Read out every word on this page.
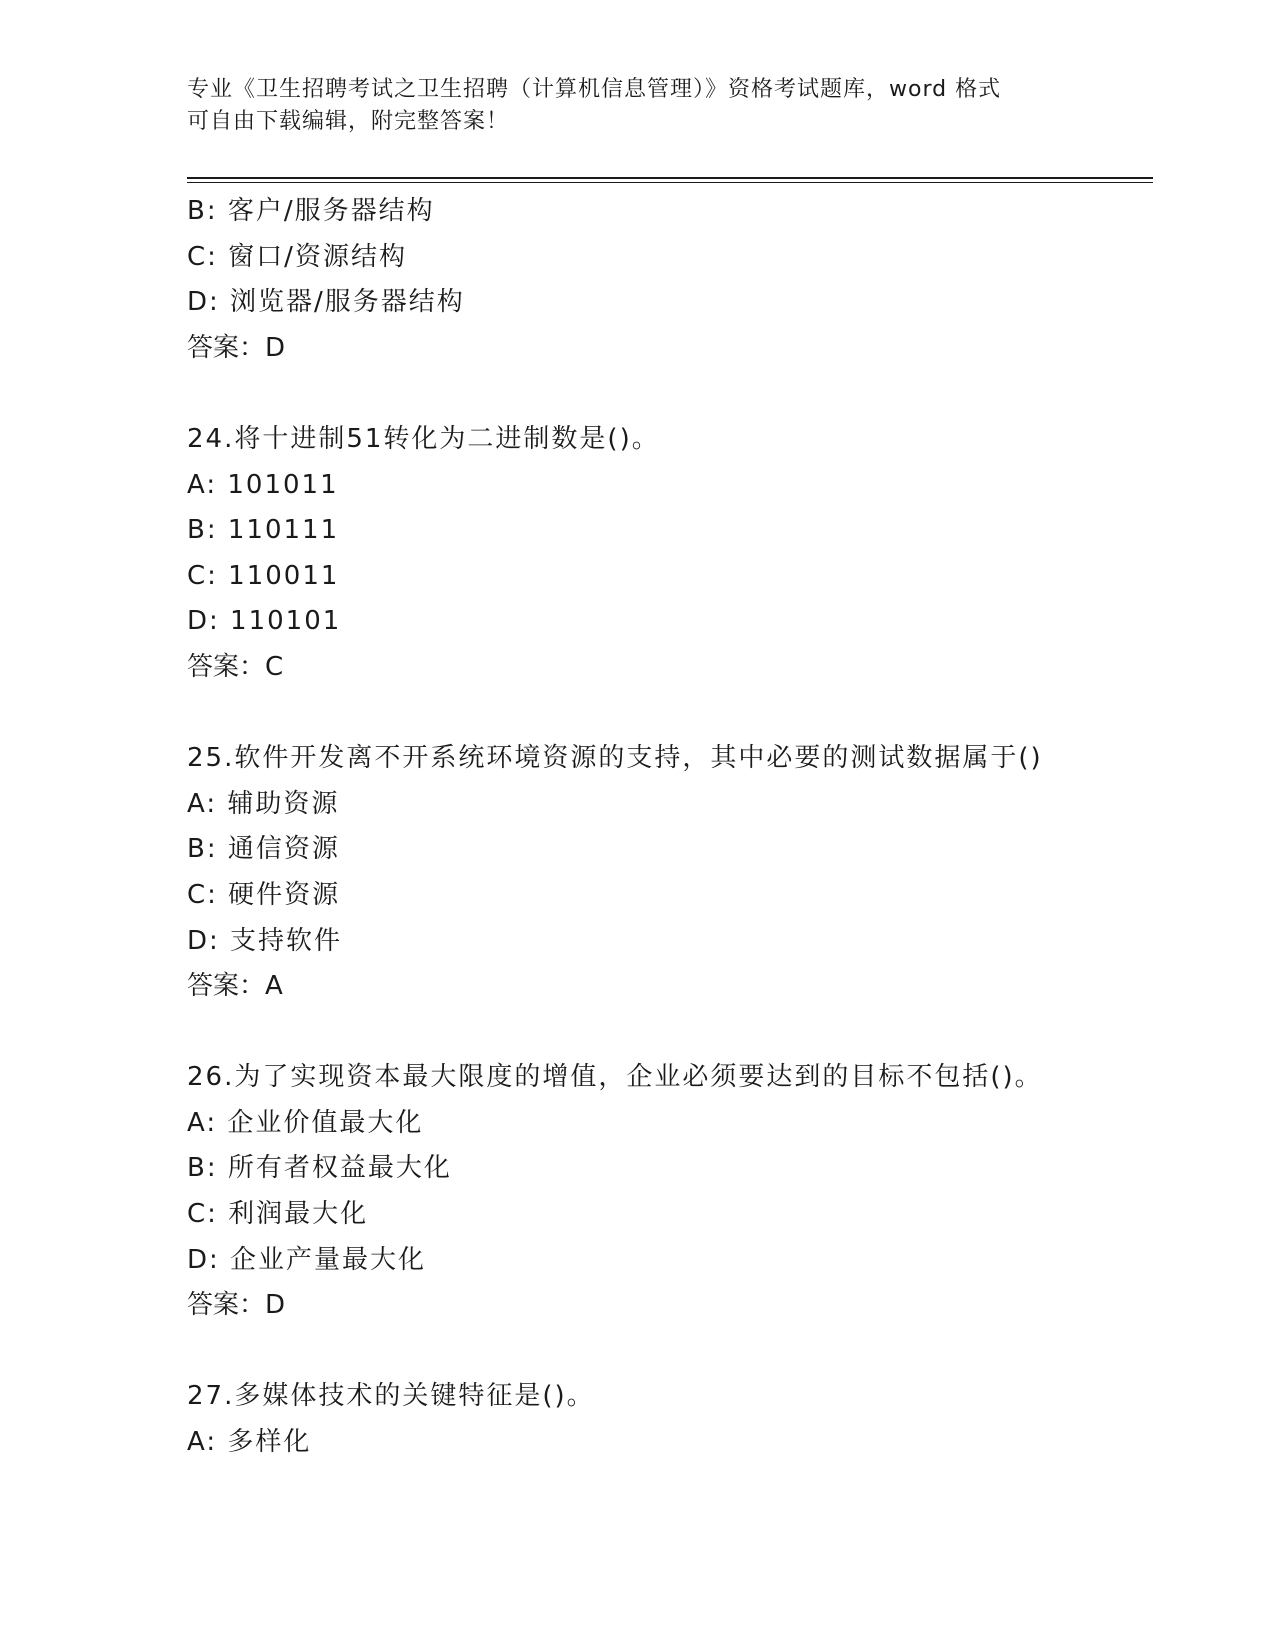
专业《卫生招聘考试之卫生招聘（计算机信息管理）》资格考试题库，word 格式
可自由下载编辑，附完整答案！
B: 客户/服务器结构
C: 窗口/资源结构
D: 浏览器/服务器结构
答案：D
24.将十进制51转化为二进制数是()。
A: 101011
B: 110111
C: 110011
D: 110101
答案：C
25.软件开发离不开系统环境资源的支持，其中必要的测试数据属于()
A: 辅助资源
B: 通信资源
C: 硬件资源
D: 支持软件
答案：A
26.为了实现资本最大限度的增值，企业必须要达到的目标不包括()。
A: 企业价值最大化
B: 所有者权益最大化
C: 利润最大化
D: 企业产量最大化
答案：D
27.多媒体技术的关键特征是()。
A: 多样化
